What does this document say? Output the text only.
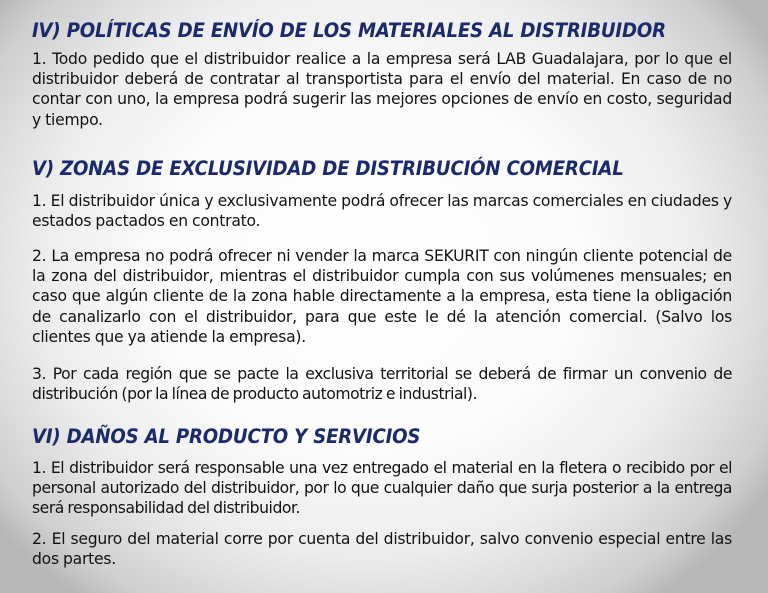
IV) POLÍTICAS DE ENVÍO DE LOS MATERIALES AL DISTRIBUIDOR

1. Todo pedido que el distribuidor realice a la empresa será LAB Guadalajara, por lo que el distribuidor deberá de contratar al transportista para el envío del material. En caso de no contar con uno, la empresa podrá sugerir las mejores opciones de envío en costo, seguridad y tiempo.

V) ZONAS DE EXCLUSIVIDAD DE DISTRIBUCIÓN COMERCIAL

1. El distribuidor única y exclusivamente podrá ofrecer las marcas comerciales en ciudades y estados pactados en contrato.

2. La empresa no podrá ofrecer ni vender la marca SEKURIT con ningún cliente potencial de la zona del distribuidor, mientras el distribuidor cumpla con sus volúmenes mensuales; en caso que algún cliente de la zona hable directamente a la empresa, esta tiene la obligación de canalizarlo con el distribuidor, para que este le dé la atención comercial. (Salvo los clientes que ya atiende la empresa).

3. Por cada región que se pacte la exclusiva territorial se deberá de firmar un convenio de distribución (por la línea de producto automotriz e industrial).

VI) DAÑOS AL PRODUCTO Y SERVICIOS

1. El distribuidor será responsable una vez entregado el material en la fletera o recibido por el personal autorizado del distribuidor, por lo que cualquier daño que surja posterior a la entrega será responsabilidad del distribuidor.

2. El seguro del material corre por cuenta del distribuidor, salvo convenio especial entre las dos partes.
